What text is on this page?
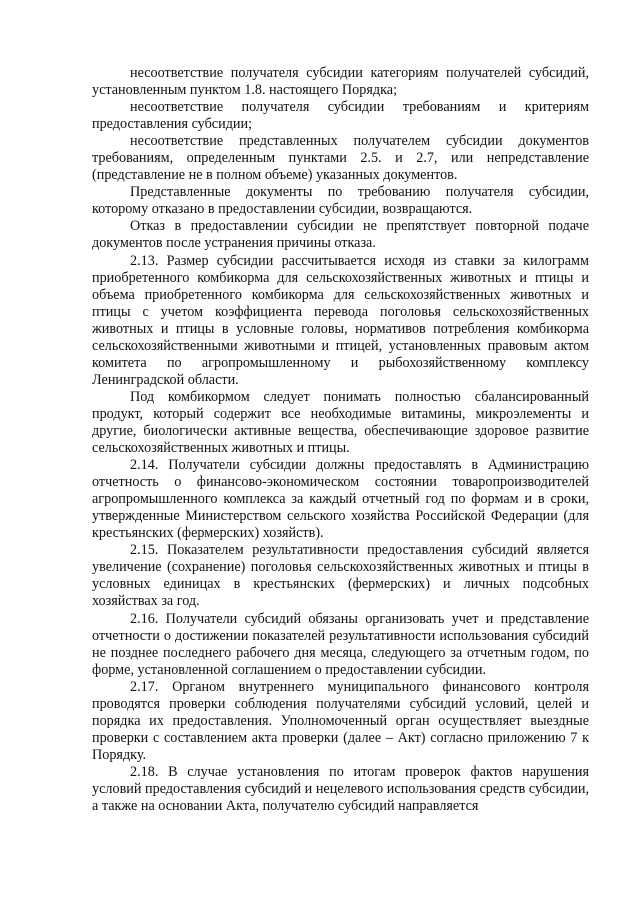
несоответствие получателя субсидии категориям получателей субсидий, установленным пунктом 1.8. настоящего Порядка;

несоответствие получателя субсидии требованиям и критериям предоставления субсидии;

несоответствие представленных получателем субсидии документов требованиям, определенным пунктами 2.5. и 2.7, или непредставление (представление не в полном объеме) указанных документов.

Представленные документы по требованию получателя субсидии, которому отказано в предоставлении субсидии, возвращаются.

Отказ в предоставлении субсидии не препятствует повторной подаче документов после устранения причины отказа.

2.13. Размер субсидии рассчитывается исходя из ставки за килограмм приобретенного комбикорма для сельскохозяйственных животных и птицы и объема приобретенного комбикорма для сельскохозяйственных животных и птицы с учетом коэффициента перевода поголовья сельскохозяйственных животных и птицы в условные головы, нормативов потребления комбикорма сельскохозяйственными животными и птицей, установленных правовым актом комитета по агропромышленному и рыбохозяйственному комплексу Ленинградской области.

Под комбикормом следует понимать полностью сбалансированный продукт, который содержит все необходимые витамины, микроэлементы и другие, биологически активные вещества, обеспечивающие здоровое развитие сельскохозяйственных животных и птицы.

2.14. Получатели субсидии должны предоставлять в Администрацию отчетность о финансово-экономическом состоянии товаропроизводителей агропромышленного комплекса за каждый отчетный год по формам и в сроки, утвержденные Министерством сельского хозяйства Российской Федерации (для крестьянских (фермерских) хозяйств).

2.15. Показателем результативности предоставления субсидий является увеличение (сохранение) поголовья сельскохозяйственных животных и птицы в условных единицах в крестьянских (фермерских) и личных подсобных хозяйствах за год.

2.16. Получатели субсидий обязаны организовать учет и представление отчетности о достижении показателей результативности использования субсидий не позднее последнего рабочего дня месяца, следующего за отчетным годом, по форме, установленной соглашением о предоставлении субсидии.

2.17. Органом внутреннего муниципального финансового контроля проводятся проверки соблюдения получателями субсидий условий, целей и порядка их предоставления. Уполномоченный орган осуществляет выездные проверки с составлением акта проверки (далее – Акт) согласно приложению 7 к Порядку.

2.18. В случае установления по итогам проверок фактов нарушения условий предоставления субсидий и нецелевого использования средств субсидии, а также на основании Акта, получателю субсидий направляется
